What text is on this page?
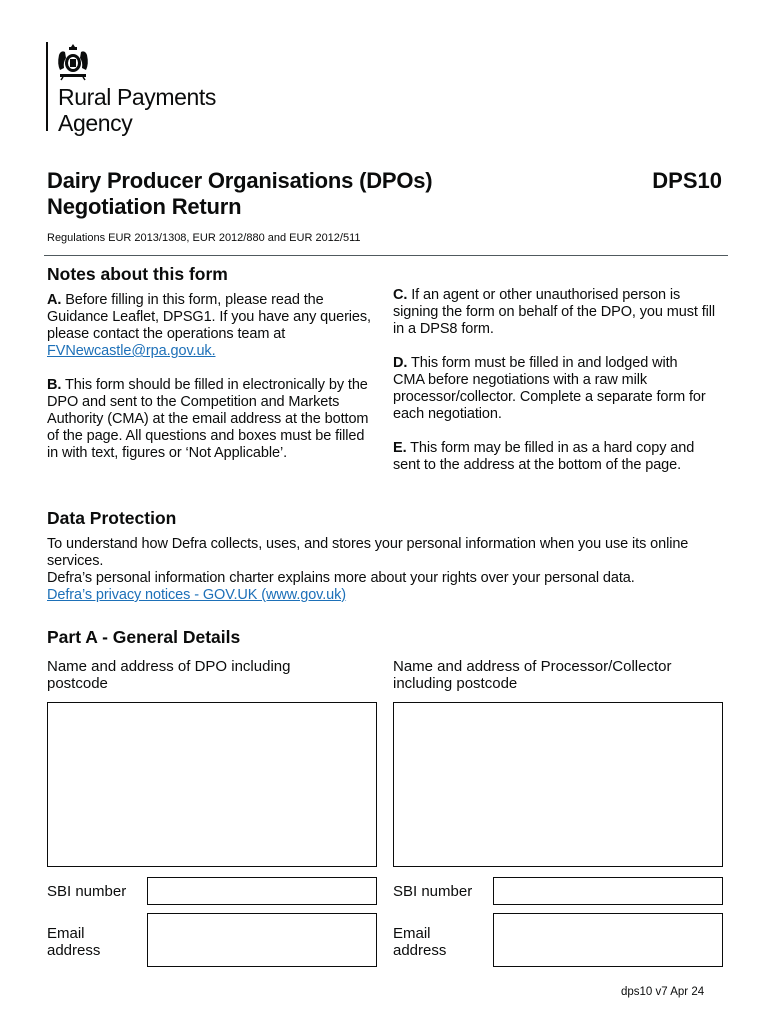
Rural Payments
Agency
Dairy Producer Organisations (DPOs)
Negotiation Return
DPS10
Regulations EUR 2013/1308, EUR 2012/880 and EUR 2012/511
Notes about this form
A. Before filling in this form, please read the Guidance Leaflet, DPSG1. If you have any queries, please contact the operations team at FVNewcastle@rpa.gov.uk.
B. This form should be filled in electronically by the DPO and sent to the Competition and Markets Authority (CMA) at the email address at the bottom of the page. All questions and boxes must be filled in with text, figures or ‘Not Applicable’.
C. If an agent or other unauthorised person is signing the form on behalf of the DPO, you must fill in a DPS8 form.
D. This form must be filled in and lodged with CMA before negotiations with a raw milk processor/collector. Complete a separate form for each negotiation.
E. This form may be filled in as a hard copy and sent to the address at the bottom of the page.
Data Protection
To understand how Defra collects, uses, and stores your personal information when you use its online services.
Defra’s personal information charter explains more about your rights over your personal data.
Defra’s privacy notices - GOV.UK (www.gov.uk)
Part A - General Details
Name and address of DPO including postcode
Name and address of Processor/Collector including postcode
SBI number	SBI number
Email
address
Email
address
dps10 v7 Apr 24
